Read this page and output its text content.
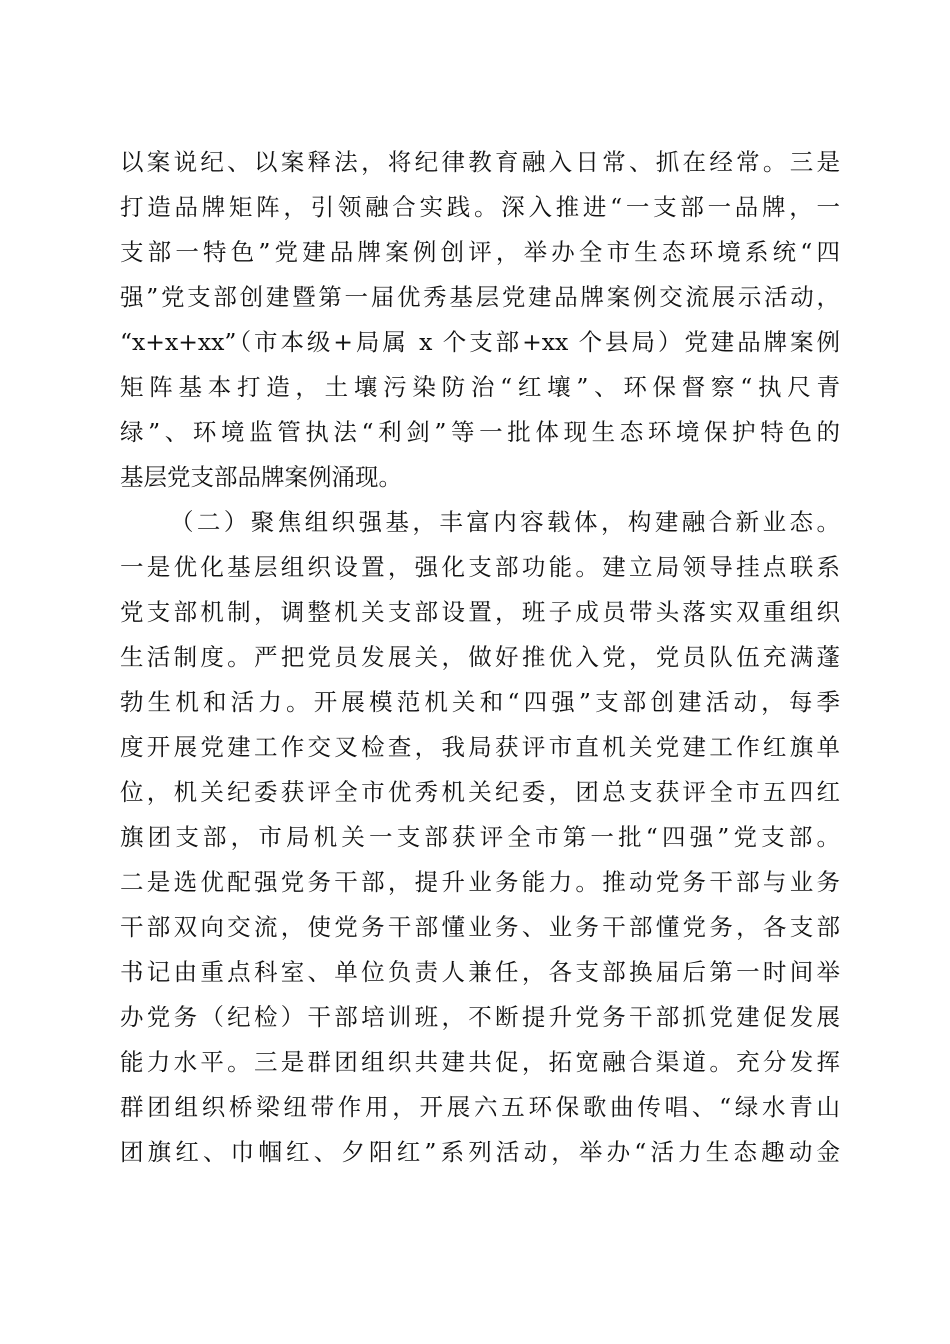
以案说纪、以案释法，将纪律教育融入日常、抓在经常。三是
打造品牌矩阵，引领融合实践。深入推进“一支部一品牌，一
支部一特色”党建品牌案例创评，举办全市生态环境系统“四
强”党支部创建暨第一届优秀基层党建品牌案例交流展示活动，
“x+x+xx”（市本级+局属 x 个支部+xx 个县局）党建品牌案例
矩阵基本打造，土壤污染防治“红壤”、环保督察“执尺青
绿”、环境监管执法“利剑”等一批体现生态环境保护特色的
基层党支部品牌案例涌现。
（二）聚焦组织强基，丰富内容载体，构建融合新业态。
一是优化基层组织设置，强化支部功能。建立局领导挂点联系
党支部机制，调整机关支部设置，班子成员带头落实双重组织
生活制度。严把党员发展关，做好推优入党，党员队伍充满蓬
勃生机和活力。开展模范机关和“四强”支部创建活动，每季
度开展党建工作交叉检查，我局获评市直机关党建工作红旗单
位，机关纪委获评全市优秀机关纪委，团总支获评全市五四红
旗团支部，市局机关一支部获评全市第一批“四强”党支部。
二是选优配强党务干部，提升业务能力。推动党务干部与业务
干部双向交流，使党务干部懂业务、业务干部懂党务，各支部
书记由重点科室、单位负责人兼任，各支部换届后第一时间举
办党务（纪检）干部培训班，不断提升党务干部抓党建促发展
能力水平。三是群团组织共建共促，拓宽融合渠道。充分发挥
群团组织桥梁纽带作用，开展六五环保歌曲传唱、“绿水青山
团旗红、巾帼红、夕阳红”系列活动，举办“活力生态趣动金
